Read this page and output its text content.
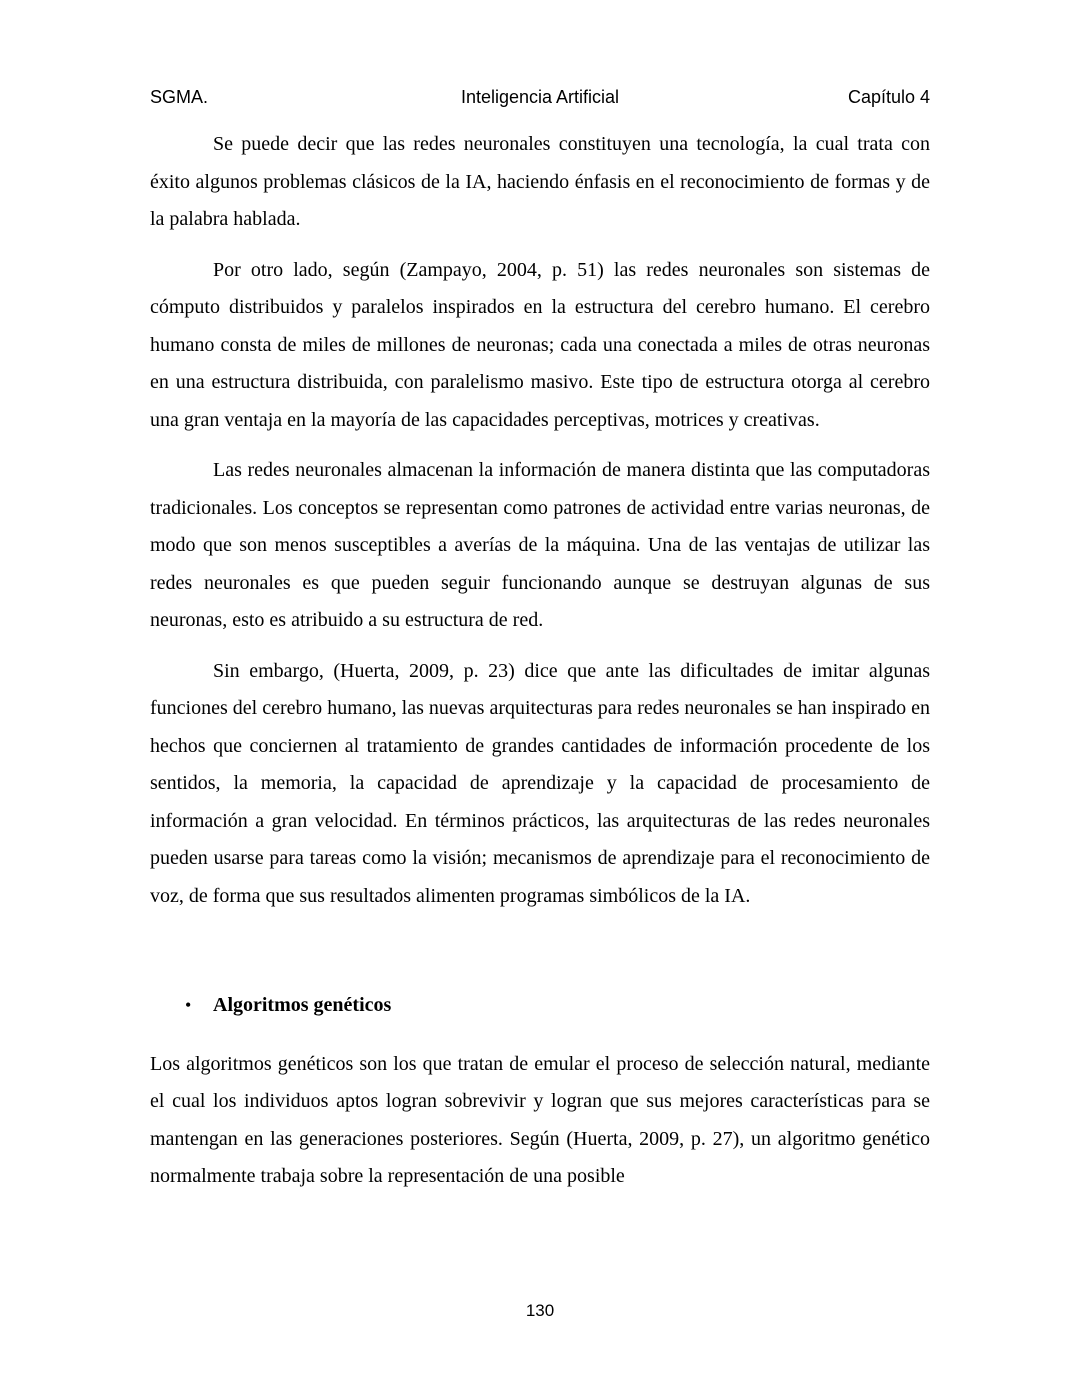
SGMA.	Inteligencia Artificial	Capítulo 4

Se puede decir que las redes neuronales constituyen una tecnología, la cual trata con éxito algunos problemas clásicos de la IA, haciendo énfasis en el reconocimiento de formas y de la palabra hablada.

Por otro lado, según (Zampayo, 2004, p. 51) las redes neuronales son sistemas de cómputo distribuidos y paralelos inspirados en la estructura del cerebro humano. El cerebro humano consta de miles de millones de neuronas; cada una conectada a miles de otras neuronas en una estructura distribuida, con paralelismo masivo. Este tipo de estructura otorga al cerebro una gran ventaja en la mayoría de las capacidades perceptivas, motrices y creativas.

Las redes neuronales almacenan la información de manera distinta que las computadoras tradicionales. Los conceptos se representan como patrones de actividad entre varias neuronas, de modo que son menos susceptibles a averías de la máquina. Una de las ventajas de utilizar las redes neuronales es que pueden seguir funcionando aunque se destruyan algunas de sus neuronas, esto es atribuido a su estructura de red.

Sin embargo, (Huerta, 2009, p. 23) dice que ante las dificultades de imitar algunas funciones del cerebro humano, las nuevas arquitecturas para redes neuronales se han inspirado en hechos que conciernen al tratamiento de grandes cantidades de información procedente de los sentidos, la memoria, la capacidad de aprendizaje y la capacidad de procesamiento de información a gran velocidad. En términos prácticos, las arquitecturas de las redes neuronales pueden usarse para tareas como la visión; mecanismos de aprendizaje para el reconocimiento de voz, de forma que sus resultados alimenten programas simbólicos de la IA.

•	Algoritmos genéticos

Los algoritmos genéticos son los que tratan de emular el proceso de selección natural, mediante el cual los individuos aptos logran sobrevivir y logran que sus mejores características para se mantengan en las generaciones posteriores. Según (Huerta, 2009, p. 27), un algoritmo genético normalmente trabaja sobre la representación de una posible

130
